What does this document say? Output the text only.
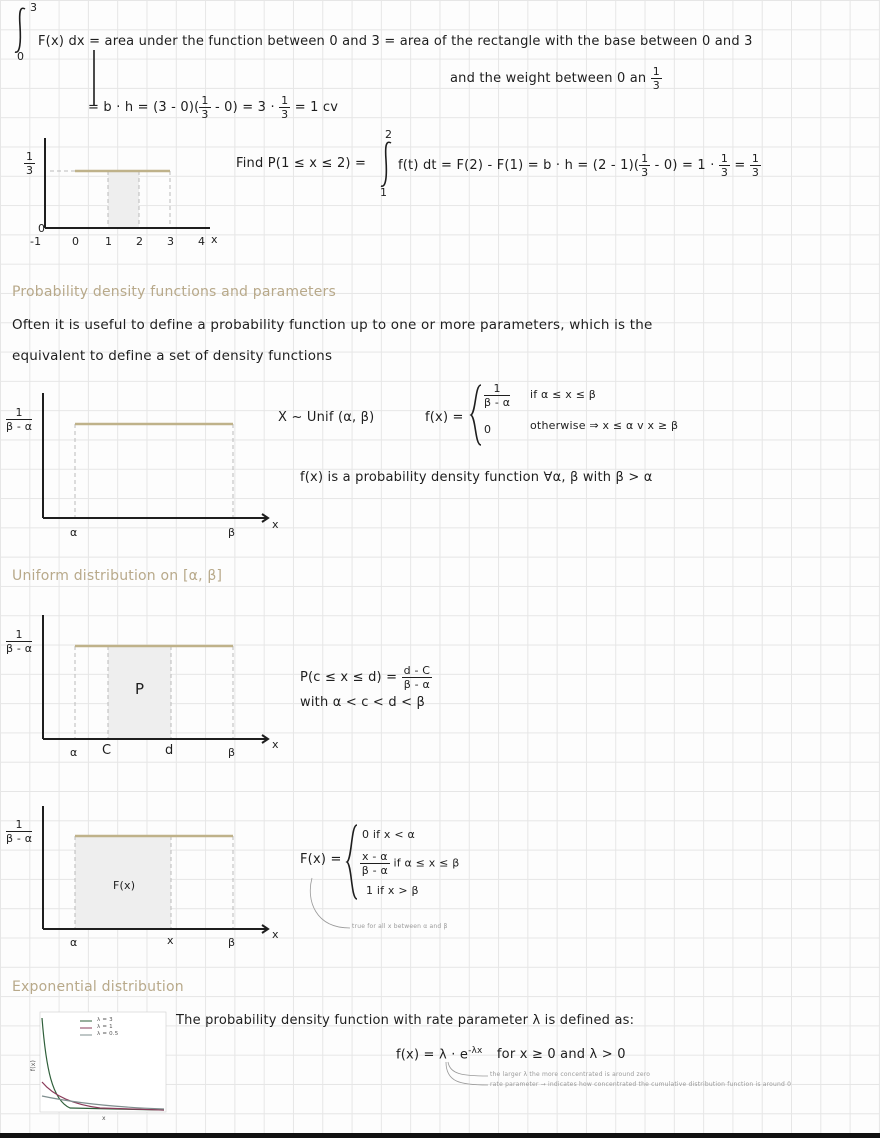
3
0
F(x) dx = area under the function between 0 and 3 = area of the rectangle with the base between 0 and 3
and the weight between 0 an $\frac{1}{3}$
= $b \cdot h = (3 - 0)( \frac{1}{3} - 0) = 3 \cdot \frac{1}{3} = 1$ cv
$\frac{1}{3}$
0
-1	0 1 2 3 4 x
Find P(1 ≤ x ≤ 2) =
2
1
f(t) dt = $F(2) - F(1) = b \cdot h = (2 - 1)( \frac{1}{3} - 0) = 1 \cdot \frac{1}{3} = \frac{1}{3}$
Probability density functions and parameters
Often it is useful to define a probability function up to one or more parameters, which is the
equivalent to define a set of density functions
$\frac{1}{\beta - \alpha}$
α	β
x
X ~ Unif (α, β)	f(x) =
$\frac{1}{\beta - \alpha}$ if α ≤ x ≤ β
0	otherwise ⇒ x ≤ α v x ≥ β
f(x) is a probability density function ∀α, β with β > α
Uniform distribution on [α, β]
$\frac{1}{\beta - \alpha}$
P
α C	d	β
x
$P(c \le x \le d) = \frac{d - C}{\beta - \alpha}$
with α < c < d < β
$\frac{1}{\beta - \alpha}$
F(x)
α	x	β
x
F(x) =
0 if x < α
$\frac{x - \alpha}{\beta - \alpha}$ if α ≤ x ≤ β
1 if x > β
true for all x between α and β
Exponential distribution
λ = 3
λ = 1
λ = 0.5
f(x)
x
The probability density function with rate parameter λ is defined as:
$f(x) = \lambda \cdot e^{-\lambda x}$ for x ≥ 0 and λ > 0
the larger λ the more concentrated is around zero
rate parameter → indicates how concentrated the cumulative distribution function is around 0
